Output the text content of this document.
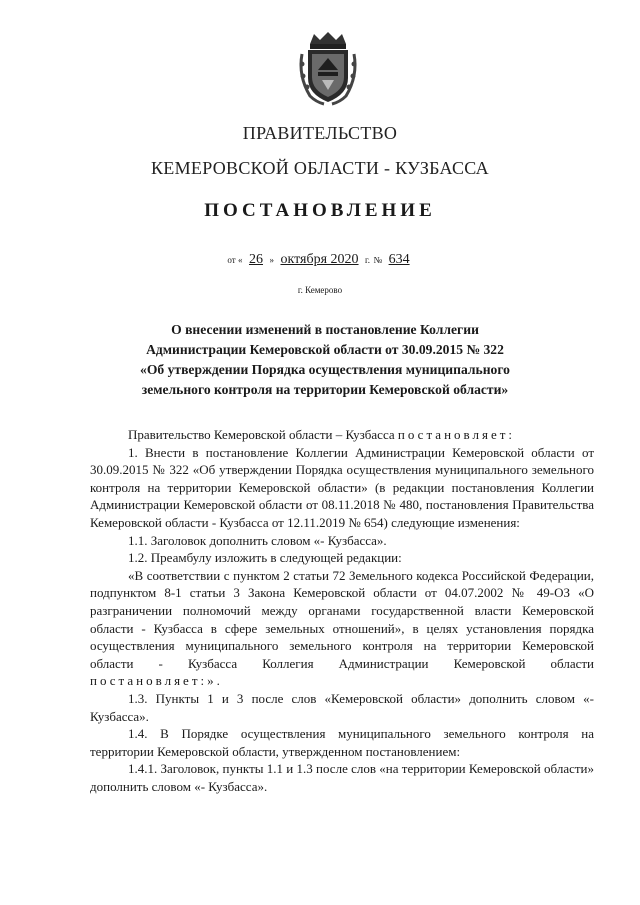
ПРАВИТЕЛЬСТВО
КЕМЕРОВСКОЙ ОБЛАСТИ - КУЗБАССА
ПОСТАНОВЛЕНИЕ
от « 26 » октября 2020 г. № 634
г. Кемерово
О внесении изменений в постановление Коллегии
Администрации Кемеровской области от 30.09.2015 № 322
«Об утверждении Порядка осуществления муниципального
земельного контроля на территории Кемеровской области»

Правительство Кемеровской области – Кузбасса постановляет:

1. Внести в постановление Коллегии Администрации Кемеровской области от 30.09.2015 № 322 «Об утверждении Порядка осуществления муниципального земельного контроля на территории Кемеровской области» (в редакции постановления Коллегии Администрации Кемеровской области от 08.11.2018 № 480, постановления Правительства Кемеровской области - Кузбасса от 12.11.2019 № 654) следующие изменения:

1.1. Заголовок дополнить словом «- Кузбасса».

1.2. Преамбулу изложить в следующей редакции:

«В соответствии с пунктом 2 статьи 72 Земельного кодекса Российской Федерации, подпунктом 8-1 статьи 3 Закона Кемеровской области от 04.07.2002 № 49-ОЗ «О разграничении полномочий между органами государственной власти Кемеровской области - Кузбасса в сфере земельных отношений», в целях установления порядка осуществления муниципального земельного контроля на территории Кемеровской области - Кузбасса Коллегия Администрации Кемеровской области постановляет:».

1.3. Пункты 1 и 3 после слов «Кемеровской области» дополнить словом «- Кузбасса».

1.4. В Порядке осуществления муниципального земельного контроля на территории Кемеровской области, утвержденном постановлением:

1.4.1. Заголовок, пункты 1.1 и 1.3 после слов «на территории Кемеровской области» дополнить словом «- Кузбасса».
